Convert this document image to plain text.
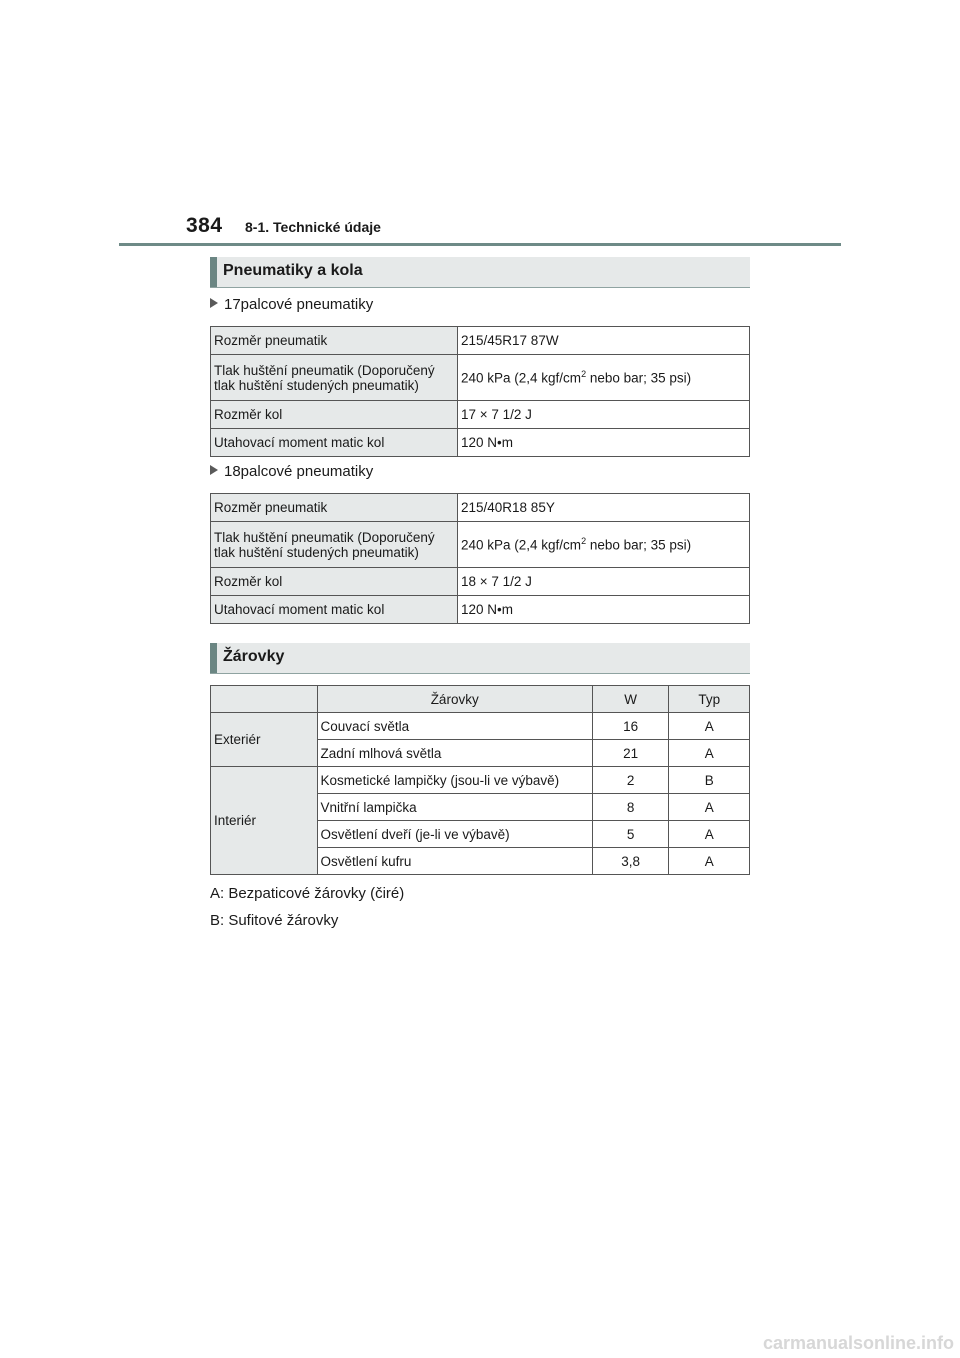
384 8-1. Technické údaje
Pneumatiky a kola
17palcové pneumatiky
Rozměr pneumatik	215/45R17 87W

Tlak huštění pneumatik (Doporučený
tlak huštění studených pneumatik)	240 kPa (2,4 kgf/$cm^2$ nebo bar; 35 psi)
Rozměr kol	17 × 7 1/2 J
Utahovací moment matic kol	120 N•m
18palcové pneumatiky
Rozměr pneumatik	215/40R18 85Y

Tlak huštění pneumatik (Doporučený
tlak huštění studených pneumatik)	240 kPa (2,4 kgf/$cm^2$ nebo bar; 35 psi)
Rozměr kol	18 × 7 1/2 J
Utahovací moment matic kol	120 N•m
Žárovky
	Žárovky	W	Typ
Exteriér	Couvací světla	16	A
	Zadní mlhová světla	21	A
Interiér	Kosmetické lampičky (jsou-li ve výbavě)	2	B
	Vnitřní lampička	8	A
	Osvětlení dveří (je-li ve výbavě)	5	A
	Osvětlení kufru	3,8	A
A: Bezpaticové žárovky (čiré)
B: Sufitové žárovky
carmanualsonline.info
